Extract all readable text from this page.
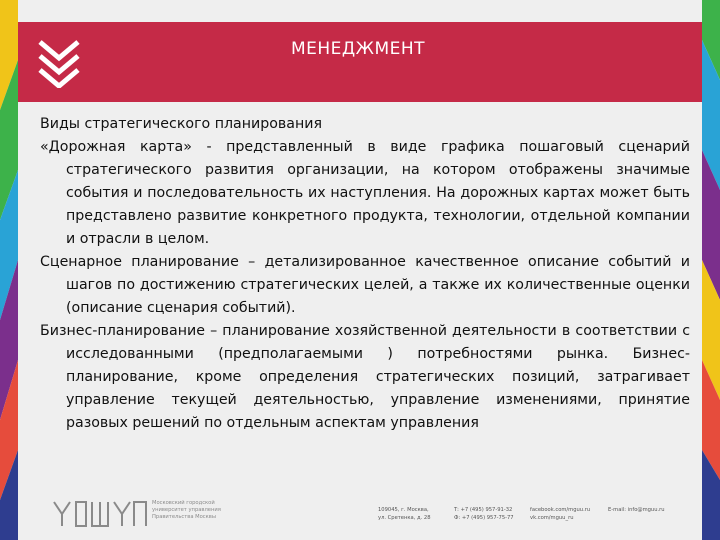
МЕНЕДЖМЕНТ

Виды стратегического планирования

«Дорожная карта» - представленный в виде графика пошаговый сценарий стратегического развития организации, на котором отображены значимые события и последовательность их наступления. На дорожных картах может быть представлено развитие конкретного продукта, технологии, отдельной компании и отрасли в целом.

Сценарное планирование – детализированное качественное описание событий и шагов по достижению стратегических целей, а также их количественные оценки (описание сценария событий).

Бизнес-планирование – планирование хозяйственной деятельности в соответствии с исследованными (предполагаемыми ) потребностями рынка. Бизнес-планирование, кроме определения стратегических позиций, затрагивает управление текущей деятельностью, управление изменениями, принятие разовых решений по отдельным аспектам управления

Московский городской
университет управления
Правительства Москвы
109045, г. Москва,
ул. Сретенка, д. 28
Т: +7 (495) 957-91-32
Ф: +7 (495) 957-75-77
facebook.com/mguu.ru
vk.com/mguu_ru
E-mail: info@mguu.ru
